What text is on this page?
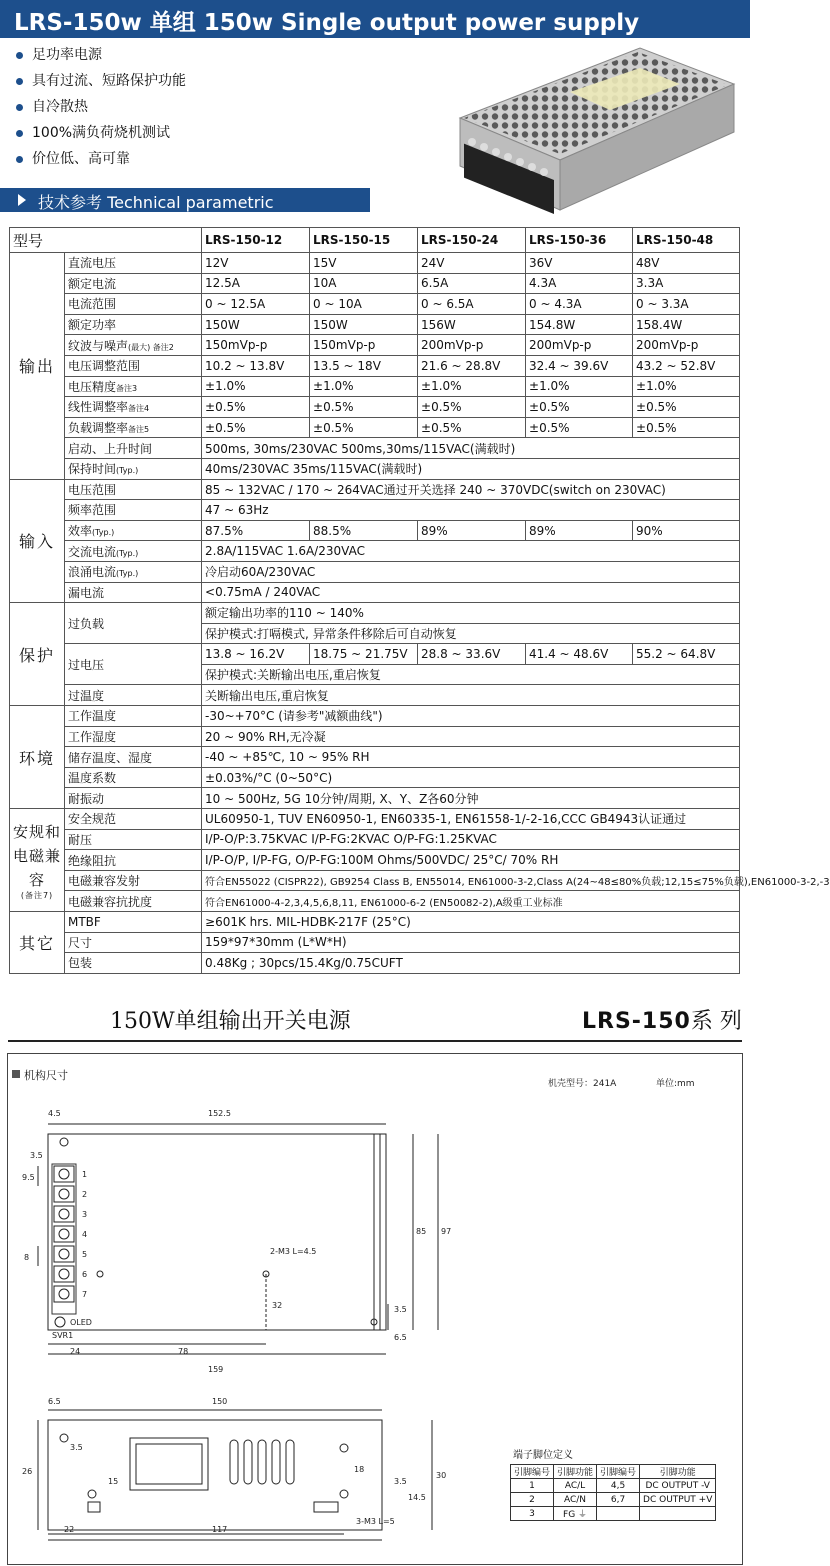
LRS-150w 单组 150w Single output power supply
足功率电源
具有过流、短路保护功能
自冷散热
100%满负荷烧机测试
价位低、高可靠
技术参考 Technical parametric
型号		LRS-150-12	LRS-150-15	LRS-150-24	LRS-150-36	LRS-150-48
输出	直流电压	12V	15V	24V	36V	48V
	额定电流	12.5A	10A	6.5A	4.3A	3.3A
	电流范围	0 ~ 12.5A	0 ~ 10A	0 ~ 6.5A	0 ~ 4.3A	0 ~ 3.3A
	额定功率	150W	150W	156W	154.8W	158.4W
	纹波与噪声(最大) 备注2	150mVp-p	150mVp-p	200mVp-p	200mVp-p	200mVp-p
	电压调整范围	10.2 ~ 13.8V	13.5 ~ 18V	21.6 ~ 28.8V	32.4 ~ 39.6V	43.2 ~ 52.8V
	电压精度备注3	±1.0%	±1.0%	±1.0%	±1.0%	±1.0%
	线性调整率备注4	±0.5%	±0.5%	±0.5%	±0.5%	±0.5%
	负载调整率备注5	±0.5%	±0.5%	±0.5%	±0.5%	±0.5%
	启动、上升时间	500ms, 30ms/230VAC 500ms,30ms/115VAC(满载时)				
	保持时间(Typ.)	40ms/230VAC 35ms/115VAC(满载时)				
输入	电压范围	85 ~ 132VAC / 170 ~ 264VAC通过开关选择 240 ~ 370VDC(switch on 230VAC)				
	频率范围	47 ~ 63Hz				
	效率(Typ.)	87.5%	88.5%	89%	89%	90%
	交流电流(Typ.)	2.8A/115VAC 1.6A/230VAC				
	浪涌电流(Typ.)	冷启动60A/230VAC				
	漏电流	<0.75mA / 240VAC				
保护	过负载	额定输出功率的110 ~ 140%				
		保护模式:打嗝模式, 异常条件移除后可自动恢复				
	过电压	13.8 ~ 16.2V	18.75 ~ 21.75V	28.8 ~ 33.6V	41.4 ~ 48.6V	55.2 ~ 64.8V
		保护模式:关断输出电压,重启恢复				
	过温度	关断输出电压,重启恢复				
环境	工作温度	-30~+70°C (请参考"减额曲线")				
	工作湿度	20 ~ 90% RH,无冷凝				
	储存温度、湿度	-40 ~ +85℃, 10 ~ 95% RH				
	温度系数	±0.03%/°C (0~50°C)				
	耐振动	10 ~ 500Hz, 5G 10分钟/周期, X、Y、Z各60分钟				

安规和电磁兼容
(备注7)	安全规范	UL60950-1, TUV EN60950-1, EN60335-1, EN61558-1/-2-16,CCC GB4943认证通过				
	耐压	I/P-O/P:3.75KVAC I/P-FG:2KVAC O/P-FG:1.25KVAC				
	绝缘阻抗	I/P-O/P, I/P-FG, O/P-FG:100M Ohms/500VDC/ 25°C/ 70% RH				
	电磁兼容发射	符合EN55022 (CISPR22), GB9254 Class B, EN55014, EN61000-3-2,Class A(24~48≤80%负载;12,15≤75%负载),EN61000-3-2,-3				
	电磁兼容抗扰度	符合EN61000-4-2,3,4,5,6,8,11, EN61000-6-2 (EN50082-2),A级重工业标准				
其它	MTBF	≥601K hrs. MIL-HDBK-217F (25°C)				
	尺寸	159*97*30mm (L*W*H)				
	包装	0.48Kg ; 30pcs/15.4Kg/0.75CUFT				
150W单组输出开关电源	LRS-150系 列
机构尺寸
机壳型号：241A	单位:mm
4.5	152.5
3.5
9.5
8
85 97
2-M3 L=4.5
32	3.5
6.5
24	78
159
1
2
3
4
5
6
7
OLED
SVR1
6.5	150
3.5
26
15
18
3-M3 L=5
3.5
14.5
30
22	117
端子脚位定义
引脚编号	引脚功能	引脚编号	引脚功能
1	AC/L	4,5	DC OUTPUT -V
2	AC/N	6,7	DC OUTPUT +V
3	FG ⏚		
